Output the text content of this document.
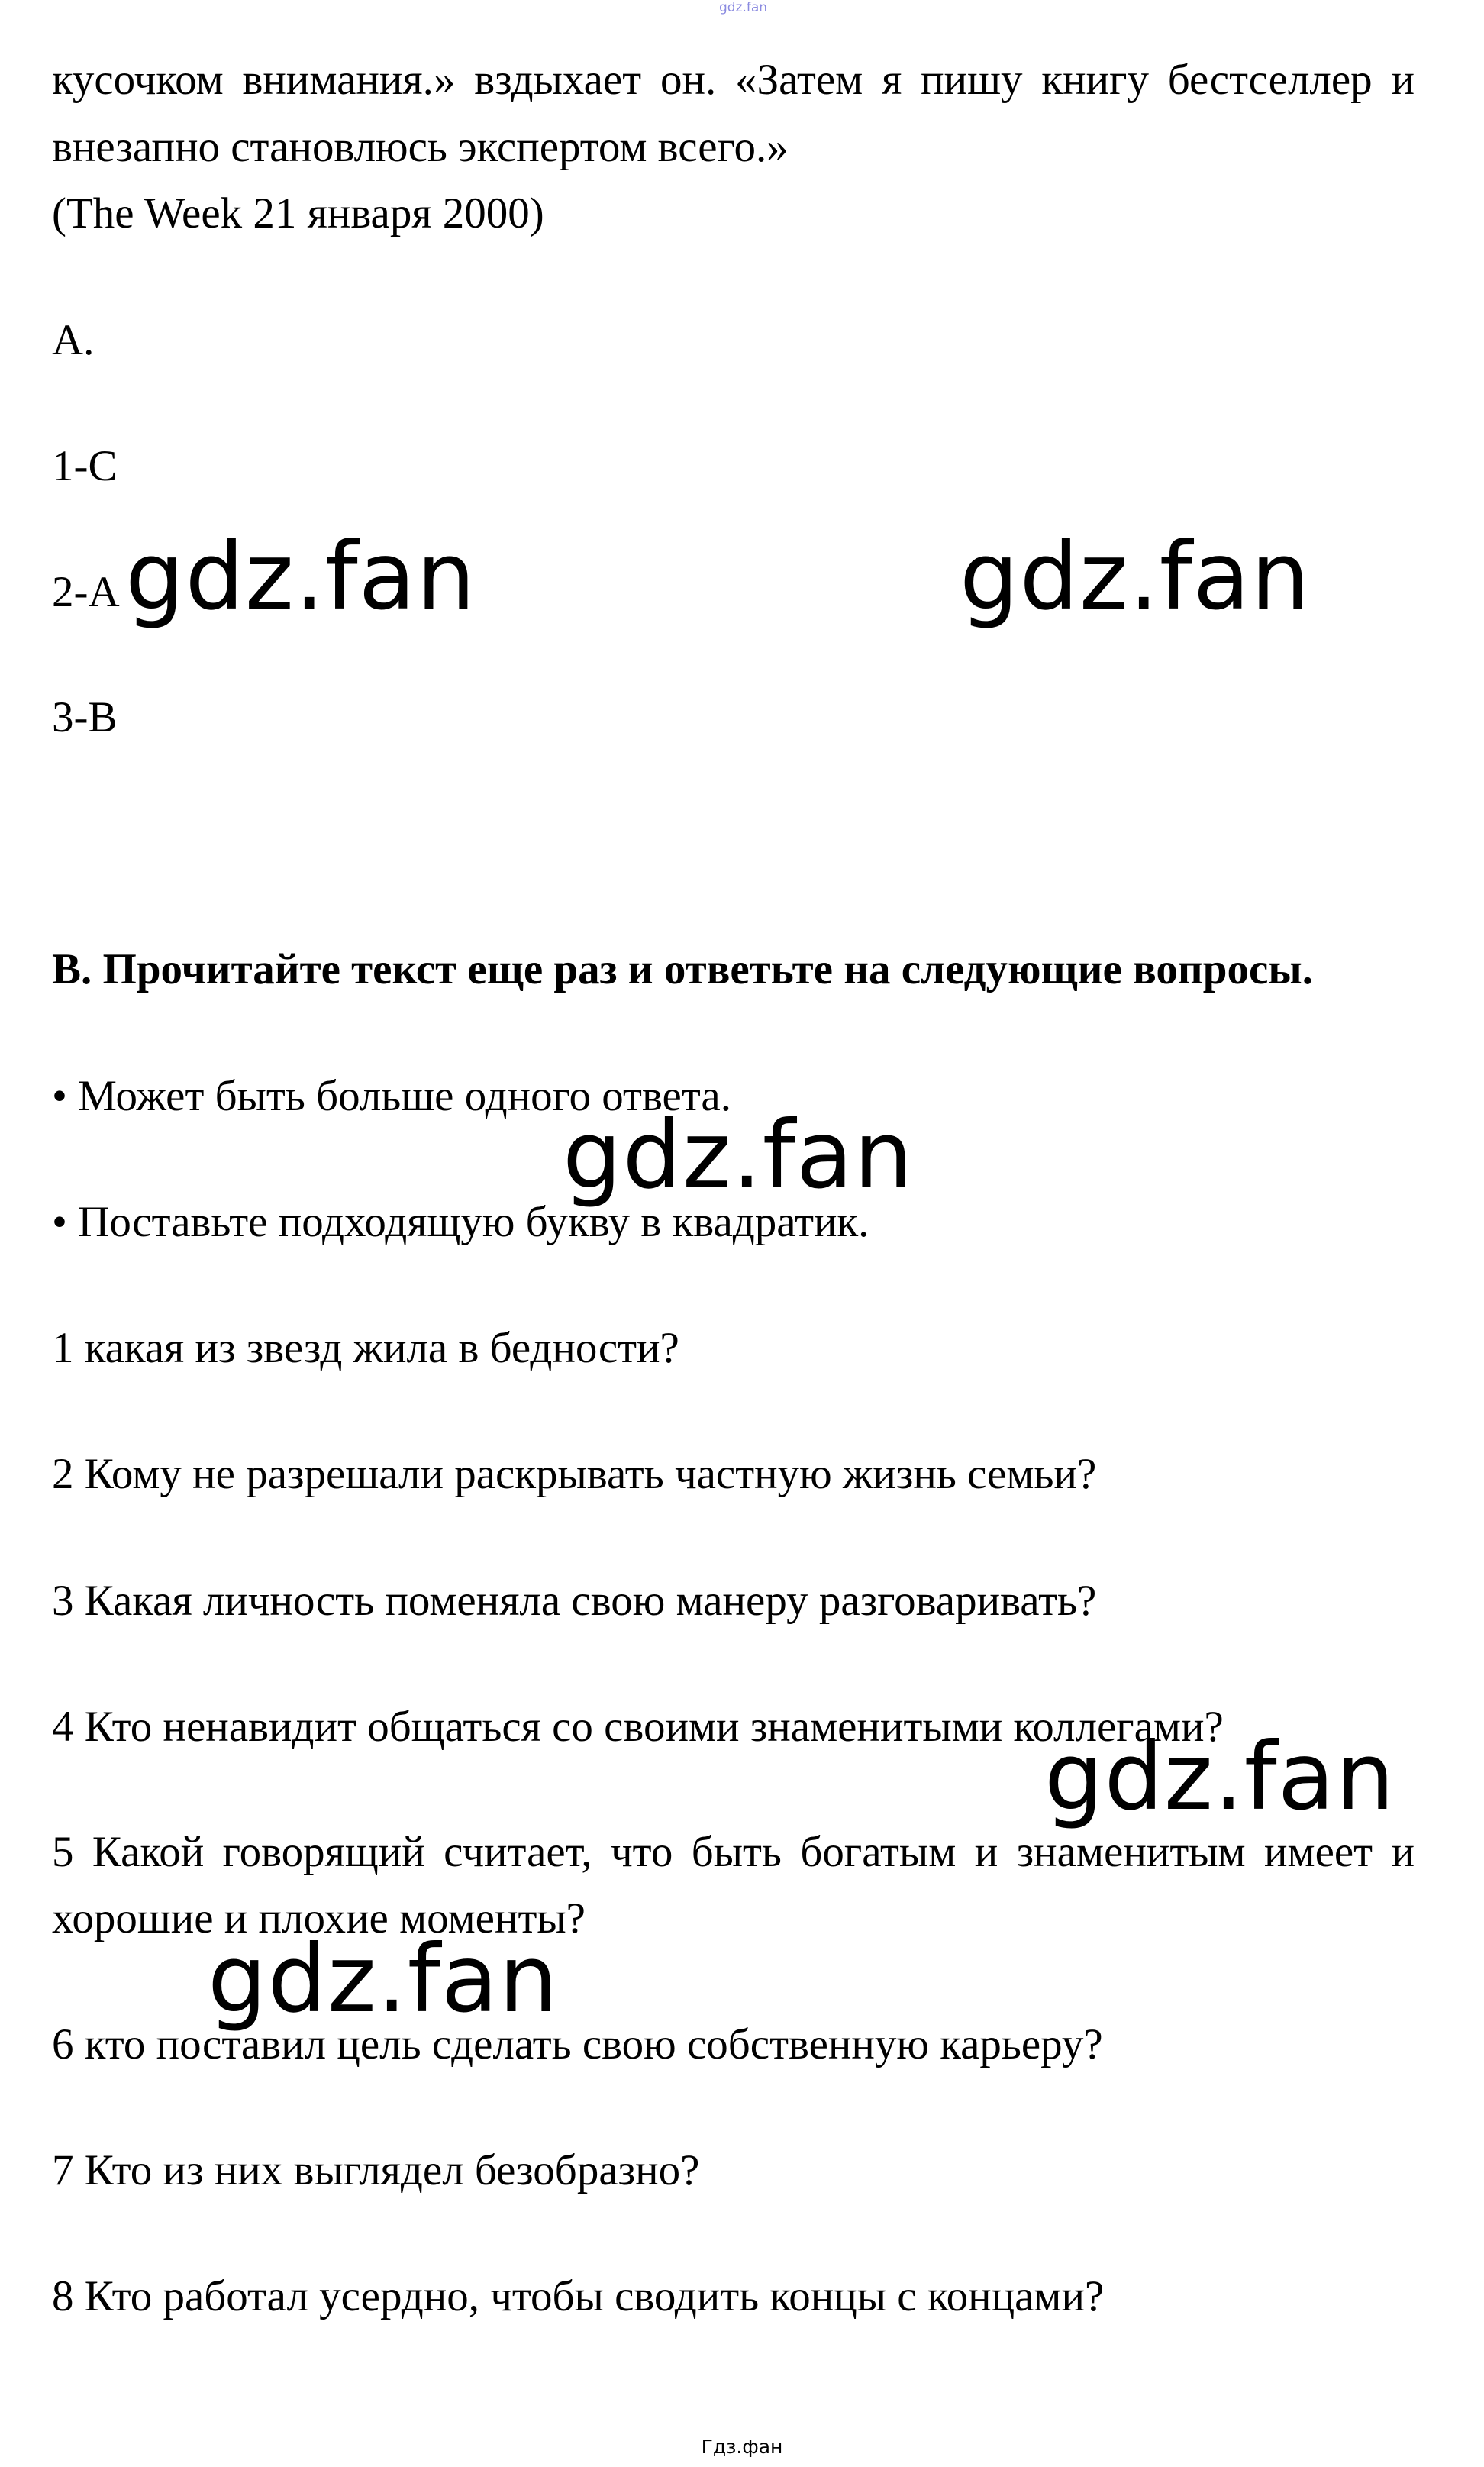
gdz.fan
кусочком внимания.» вздыхает он. «Затем я пишу книгу бестселлер и
внезапно становлюсь экспертом всего.»
(The Week 21 января 2000)
A.
1-C
2-A
3-B
B. Прочитайте текст еще раз и ответьте на следующие вопросы.
• Может быть больше одного ответа.
• Поставьте подходящую букву в квадратик.
1 какая из звезд жила в бедности?
2 Кому не разрешали раскрывать частную жизнь семьи?
3 Какая личность поменяла свою манеру разговаривать?
4 Кто ненавидит общаться со своими знаменитыми коллегами?
5 Какой говорящий считает, что быть богатым и знаменитым имеет и
хорошие и плохие моменты?
6 кто поставил цель сделать свою собственную карьеру?
7 Кто из них выглядел безобразно?
8 Кто работал усердно, чтобы сводить концы с концами?
gdz.fan	gdz.fan
gdz.fan
gdz.fan
gdz.fan
Гдз.фан
